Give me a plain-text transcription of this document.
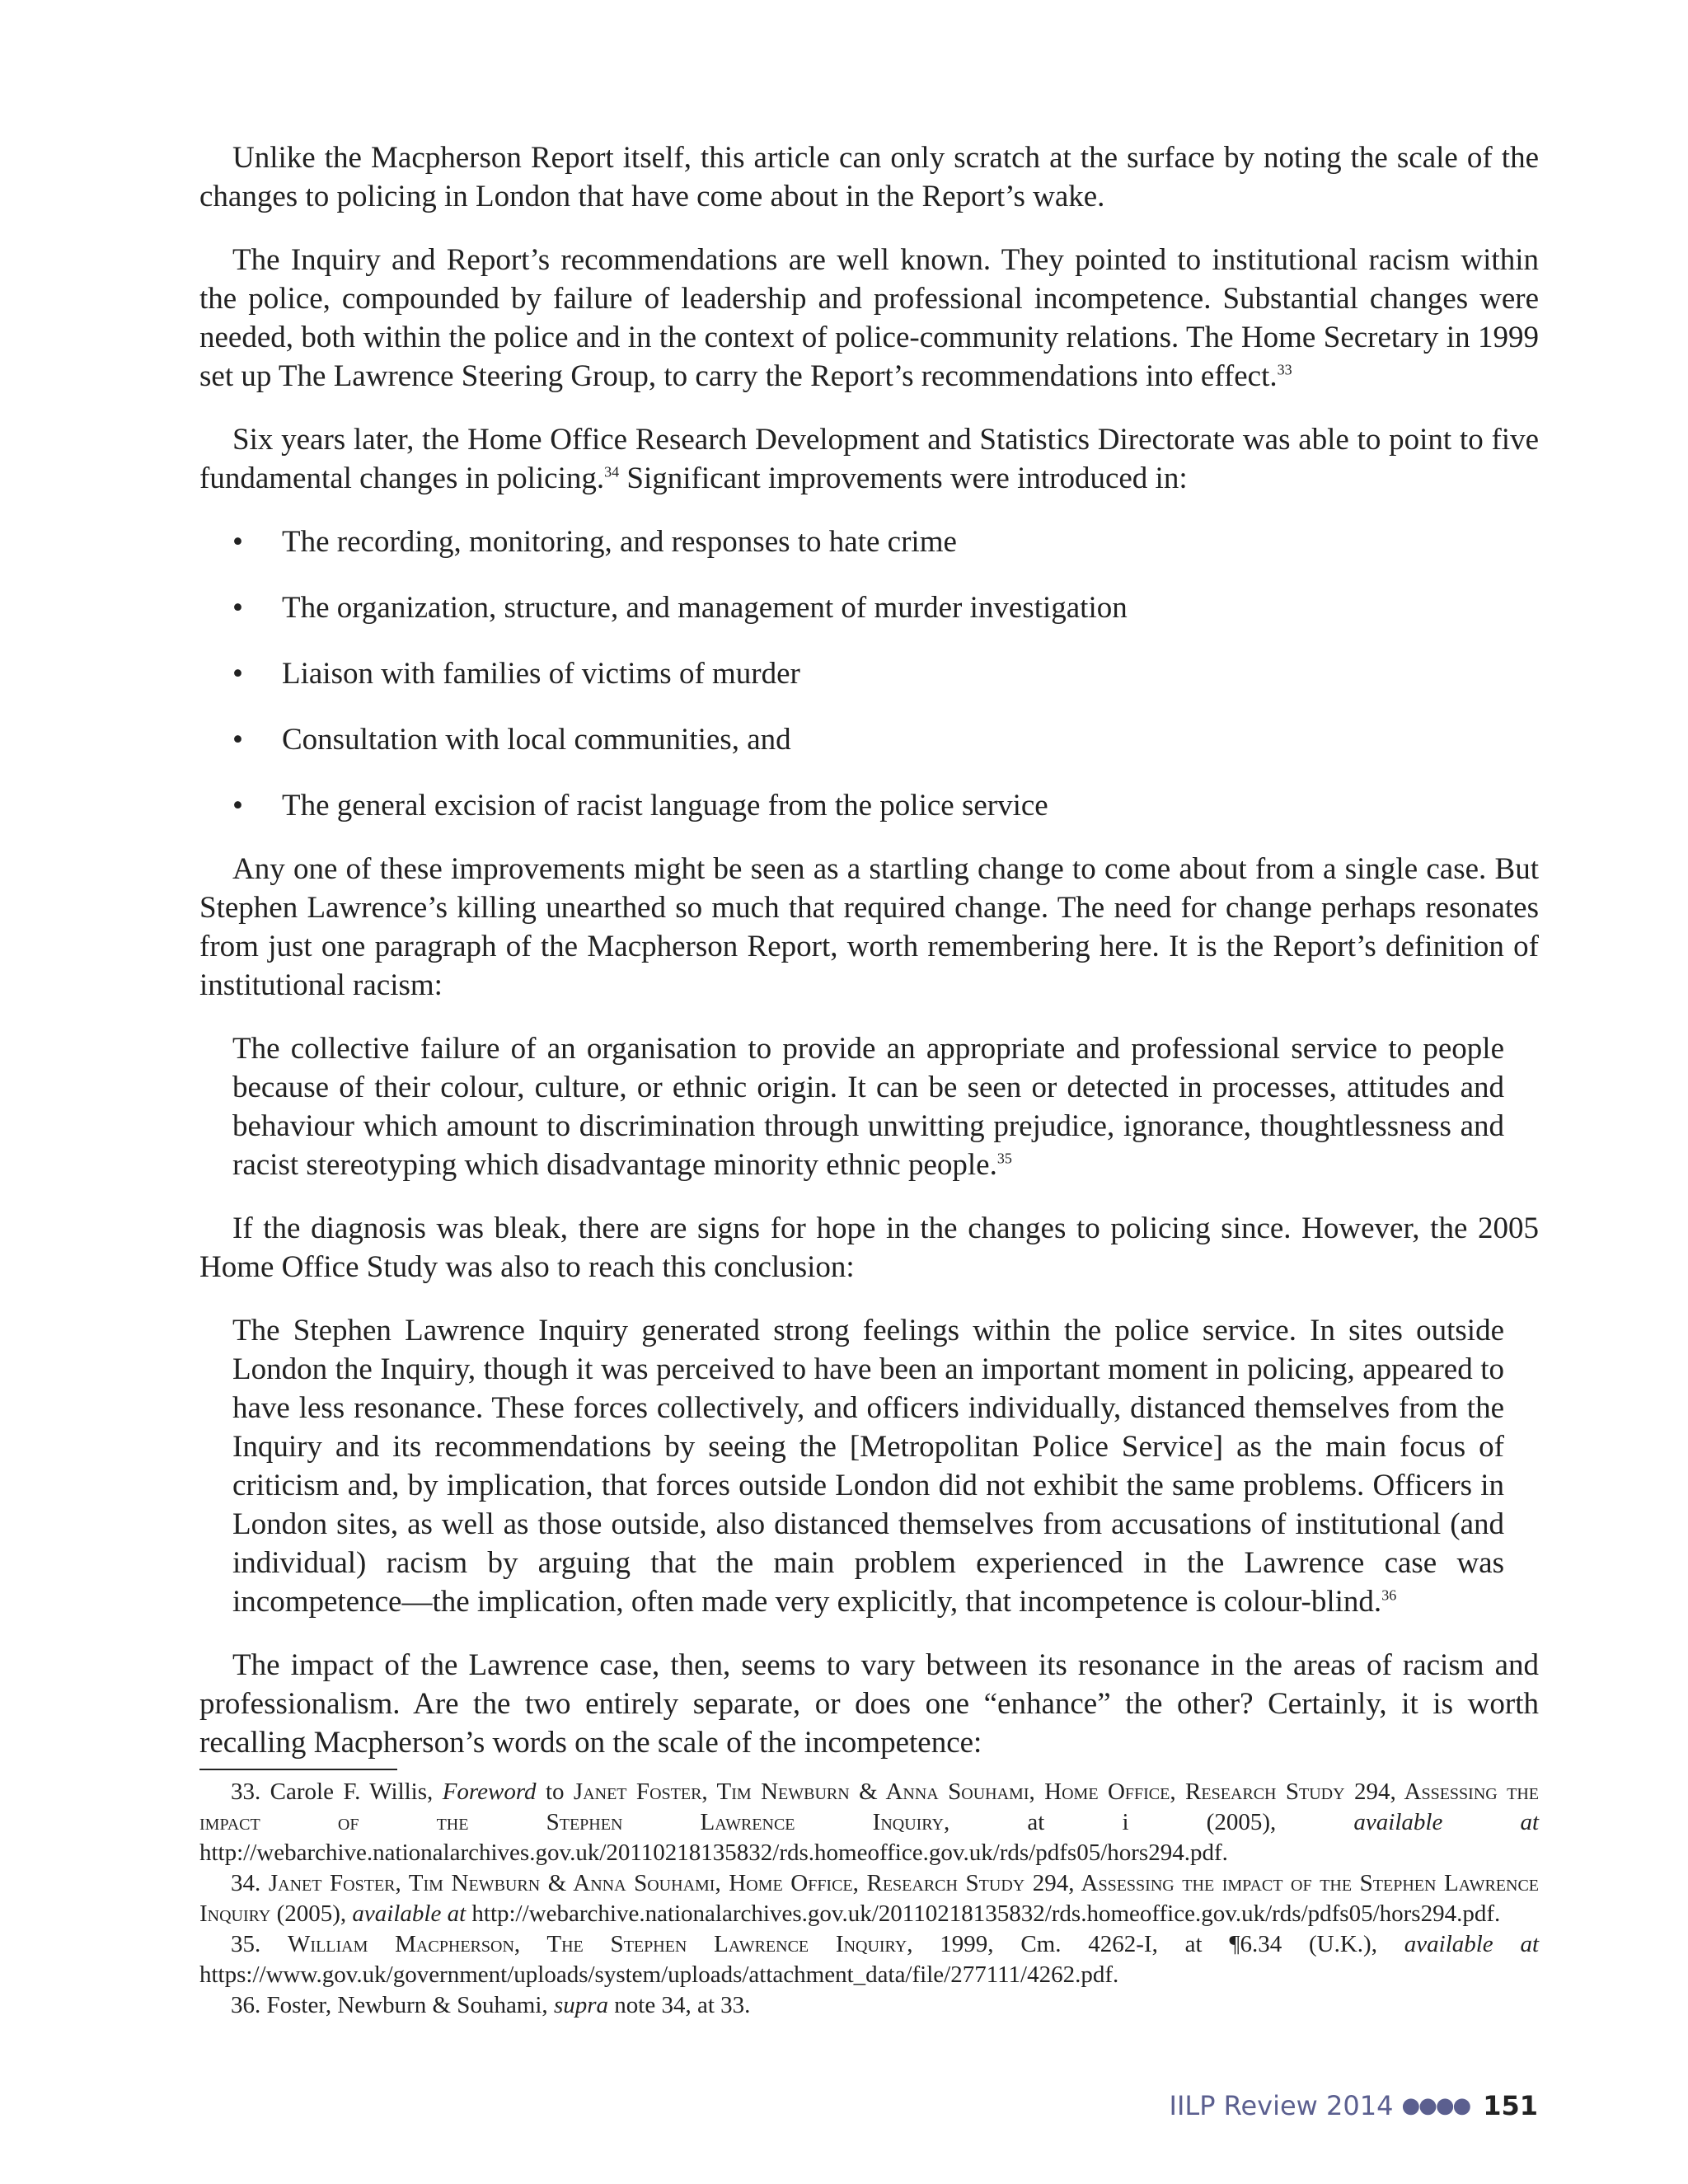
Unlike the Macpherson Report itself, this article can only scratch at the surface by noting the scale of the changes to policing in London that have come about in the Report’s wake.

The Inquiry and Report’s recommendations are well known. They pointed to institutional racism within the police, compounded by failure of leadership and professional incompetence. Substantial changes were needed, both within the police and in the context of police-community relations. The Home Secretary in 1999 set up The Lawrence Steering Group, to carry the Report’s recommendations into effect.$^{33}$

Six years later, the Home Office Research Development and Statistics Directorate was able to point to five fundamental changes in policing.$^{34}$ Significant improvements were introduced in:

• The recording, monitoring, and responses to hate crime
• The organization, structure, and management of murder investigation
• Liaison with families of victims of murder
• Consultation with local communities, and
• The general excision of racist language from the police service

Any one of these improvements might be seen as a startling change to come about from a single case. But Stephen Lawrence’s killing unearthed so much that required change. The need for change perhaps resonates from just one paragraph of the Macpherson Report, worth remembering here. It is the Report’s definition of institutional racism:

The collective failure of an organisation to provide an appropriate and professional service to people because of their colour, culture, or ethnic origin. It can be seen or detected in processes, attitudes and behaviour which amount to discrimination through unwitting prejudice, ignorance, thoughtlessness and racist stereotyping which disadvantage minority ethnic people.$^{35}$

If the diagnosis was bleak, there are signs for hope in the changes to policing since. However, the 2005 Home Office Study was also to reach this conclusion:

The Stephen Lawrence Inquiry generated strong feelings within the police service. In sites outside London the Inquiry, though it was perceived to have been an important moment in policing, appeared to have less resonance. These forces collectively, and officers individually, distanced themselves from the Inquiry and its recommendations by seeing the [Metropolitan Police Service] as the main focus of criticism and, by implication, that forces outside London did not exhibit the same problems. Officers in London sites, as well as those outside, also distanced themselves from accusations of institutional (and individual) racism by arguing that the main problem experienced in the Lawrence case was incompetence—the implication, often made very explicitly, that incompetence is colour-blind.$^{36}$

The impact of the Lawrence case, then, seems to vary between its resonance in the areas of racism and professionalism. Are the two entirely separate, or does one “enhance” the other? Certainly, it is worth recalling Macpherson’s words on the scale of the incompetence:

33. Carole F. Willis, Foreword to Janet Foster, Tim Newburn & Anna Souhami, Home Office, Research Study 294, Assessing the impact of the Stephen Lawrence Inquiry,	at i (2005),	available at http://webarchive.nationalarchives.gov.uk/20110218135832/rds.homeoffice.gov.uk/rds/pdfs05/hors294.pdf.

34. Janet Foster, Tim Newburn & Anna Souhami, Home Office, Research Study 294, Assessing the impact of the Stephen Lawrence Inquiry (2005), available at http://webarchive.nationalarchives.gov.uk/20110218135832/rds.homeoffice.gov.uk/rds/pdfs05/hors294.pdf.

35. William Macpherson, The Stephen Lawrence Inquiry, 1999, Cm. 4262-I, at ¶6.34 (U.K.), available at https://www.gov.uk/government/uploads/system/uploads/attachment_data/file/277111/4262.pdf.

36. Foster, Newburn & Souhami, supra note 34, at 33.

IILP Review 2014 ●●●● 151
